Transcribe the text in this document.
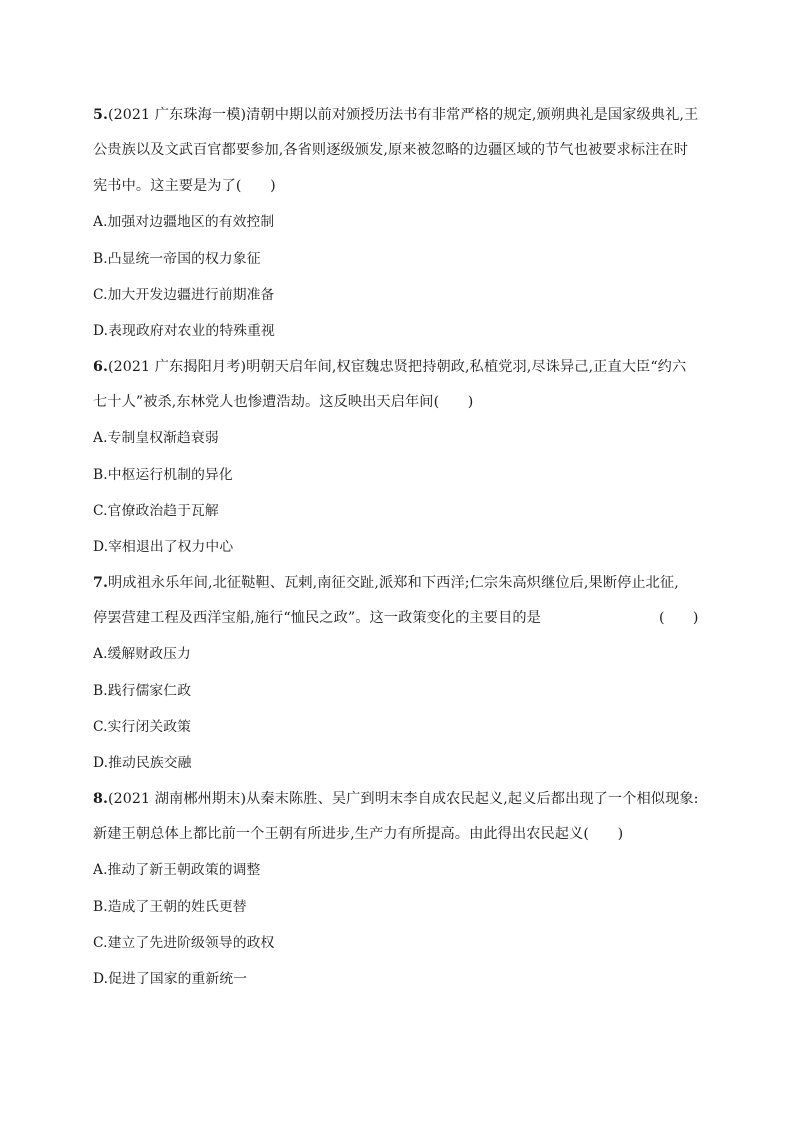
5.(2021 广东珠海一模)清朝中期以前对颁授历法书有非常严格的规定,颁朔典礼是国家级典礼,王
公贵族以及文武百官都要参加,各省则逐级颁发,原来被忽略的边疆区域的节气也被要求标注在时
宪书中。这主要是为了(　　)
A.加强对边疆地区的有效控制
B.凸显统一帝国的权力象征
C.加大开发边疆进行前期准备
D.表现政府对农业的特殊重视
6.(2021 广东揭阳月考)明朝天启年间,权宦魏忠贤把持朝政,私植党羽,尽诛异己,正直大臣“约六
七十人”被杀,东林党人也惨遭浩劫。这反映出天启年间(　　)
A.专制皇权渐趋衰弱
B.中枢运行机制的异化
C.官僚政治趋于瓦解
D.宰相退出了权力中心
7.明成祖永乐年间,北征鞑靼、瓦剌,南征交趾,派郑和下西洋;仁宗朱高炽继位后,果断停止北征,
停罢营建工程及西洋宝船,施行“恤民之政”。这一政策变化的主要目的是	(　　)
A.缓解财政压力
B.践行儒家仁政
C.实行闭关政策
D.推动民族交融
8.(2021 湖南郴州期末)从秦末陈胜、吴广到明末李自成农民起义,起义后都出现了一个相似现象:
新建王朝总体上都比前一个王朝有所进步,生产力有所提高。由此得出农民起义(　　)
A.推动了新王朝政策的调整
B.造成了王朝的姓氏更替
C.建立了先进阶级领导的政权
D.促进了国家的重新统一
